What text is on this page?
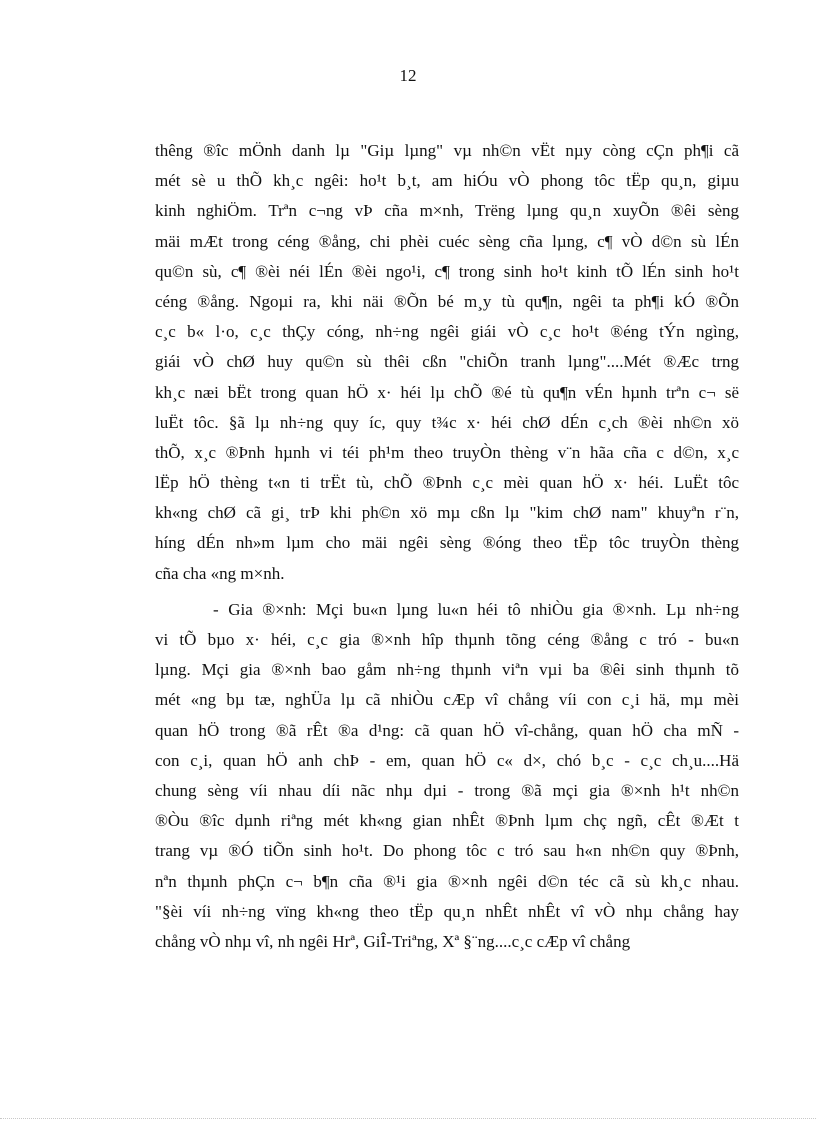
12
thêng ®îc mÖnh danh lµ "Giµ lµng" vµ nh©n vËt nµy còng cÇn ph¶i cã
mét sè u thÕ kh¸c ngêi: ho¹t b¸t, am hiÓu vÒ phong tôc tËp qu¸n, giµu
kinh nghiÖm. Trªn c¬ng vÞ cña m×nh, Trëng lµng qu¸n xuyÕn ®êi sèng
mäi mÆt trong céng ®ång, chi phèi cuéc sèng cña lµng, c¶ vÒ d©n sù lÉn
qu©n sù, c¶ ®èi néi lÉn ®èi ngo¹i, c¶ trong sinh ho¹t kinh tÕ lÉn sinh ho¹t
céng ®ång. Ngoµi ra, khi näi ®Õn bé m¸y tù qu¶n, ngêi ta ph¶i kÓ ®Õn
c¸c b« l·o, c¸c thÇy cóng, nh÷ng ngêi giái vÒ c¸c ho¹t ®éng tÝn ngìng,
giái vÒ chØ huy qu©n sù thêi cßn "chiÕn tranh lµng"....Mét ®Æc trng
kh¸c næi bËt trong quan hÖ x· héi lµ chÕ ®é tù qu¶n vÉn hµnh trªn c¬ së
luËt tôc. §ã lµ nh÷ng quy íc, quy t¾c x· héi chØ dÉn c¸ch ®èi nh©n xö
thÕ, x¸c ®Þnh hµnh vi téi ph¹m theo truyÒn thèng v¨n hãa cña c d©n, x¸c
lËp hÖ thèng t«n ti trËt tù, chÕ ®Þnh c¸c mèi quan hÖ x· héi. LuËt tôc
kh«ng chØ cã gi¸ trÞ khi ph©n xö mµ cßn lµ "kim chØ nam" khuyªn r¨n,
híng dÉn nh»m lµm cho mäi ngêi sèng ®óng theo tËp tôc truyÒn thèng
cña cha «ng m×nh.
- Gia ®×nh: Mçi bu«n lµng lu«n héi tô nhiÒu gia ®×nh. Lµ nh÷ng
vi tÕ bµo x· héi, c¸c gia ®×nh hîp thµnh tõng céng ®ång c tró - bu«n
lµng. Mçi gia ®×nh bao gåm nh÷ng thµnh viªn vµi ba ®êi sinh thµnh tõ
mét «ng bµ tæ, nghÜa lµ cã nhiÒu cÆp vî chång víi con c¸i hä, mµ mèi
quan hÖ trong ®ã rÊt ®a d¹ng: cã quan hÖ vî-chång, quan hÖ cha mÑ -
con c¸i, quan hÖ anh chÞ - em, quan hÖ c« d×, chó b¸c - c¸c ch¸u....Hä
chung sèng víi nhau díi nãc nhµ dµi - trong ®ã mçi gia ®×nh h¹t nh©n
®Òu ®îc dµnh riªng mét kh«ng gian nhÊt ®Þnh lµm chç ngñ, cÊt ®Æt t
trang vµ ®Ó tiÕn sinh ho¹t. Do phong tôc c tró sau h«n nh©n quy ®Þnh,
nªn thµnh phÇn c¬ b¶n cña ®¹i gia ®×nh ngêi d©n téc cã sù kh¸c nhau.
"§èi víi nh÷ng vïng kh«ng theo tËp qu¸n nhÊt nhÊt vî vÒ nhµ chång hay
chång vÒ nhµ vî, nh ngêi Hrª, GiÎ-Triªng, Xª §¨ng....c¸c cÆp vî chång
